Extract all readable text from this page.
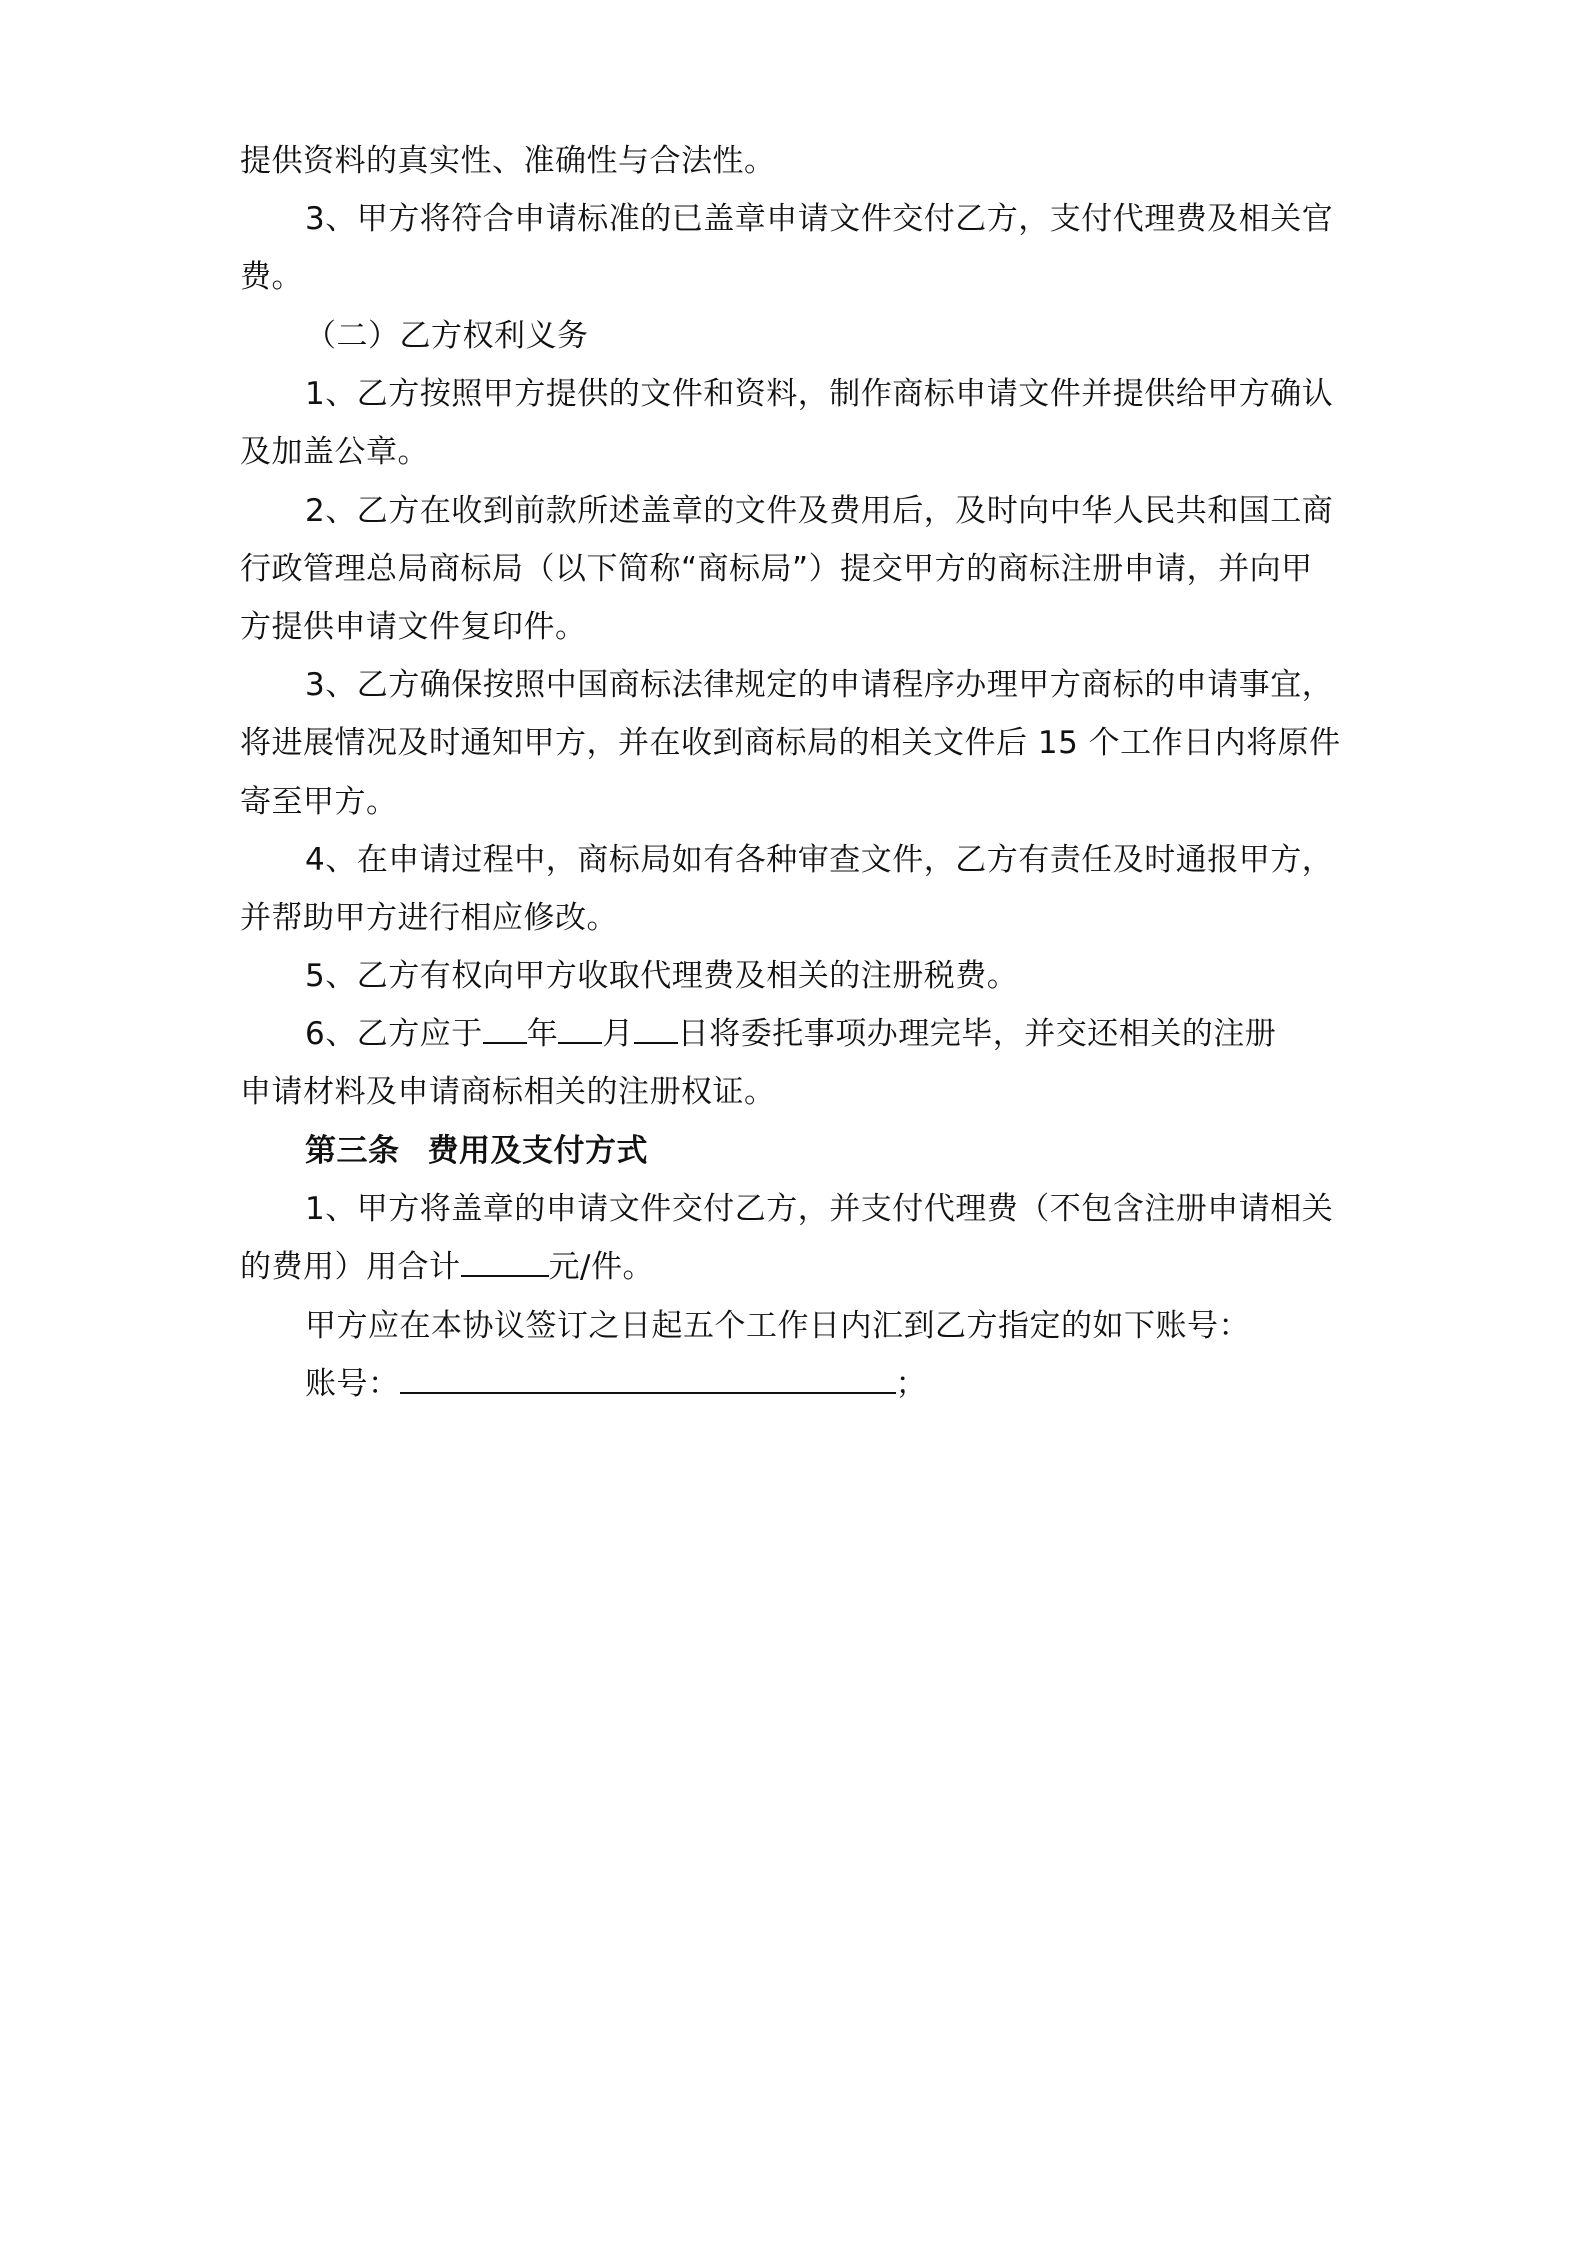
提供资料的真实性、准确性与合法性。
3、甲方将符合申请标准的已盖章申请文件交付乙方，支付代理费及相关官
费。
（二）乙方权利义务
1、乙方按照甲方提供的文件和资料，制作商标申请文件并提供给甲方确认
及加盖公章。
2、乙方在收到前款所述盖章的文件及费用后，及时向中华人民共和国工商
行政管理总局商标局（以下简称“商标局”）提交甲方的商标注册申请，并向甲
方提供申请文件复印件。
3、乙方确保按照中国商标法律规定的申请程序办理甲方商标的申请事宜，
将进展情况及时通知甲方，并在收到商标局的相关文件后 15 个工作日内将原件
寄至甲方。
4、在申请过程中，商标局如有各种审查文件，乙方有责任及时通报甲方，
并帮助甲方进行相应修改。
5、乙方有权向甲方收取代理费及相关的注册税费。
6、乙方应于 年 月 日将委托事项办理完毕，并交还相关的注册
申请材料及申请商标相关的注册权证。
第三条 费用及支付方式
1、甲方将盖章的申请文件交付乙方，并支付代理费（不包含注册申请相关
的费用）用合计	元/件。
甲方应在本协议签订之日起五个工作日内汇到乙方指定的如下账号：
账号：	；
